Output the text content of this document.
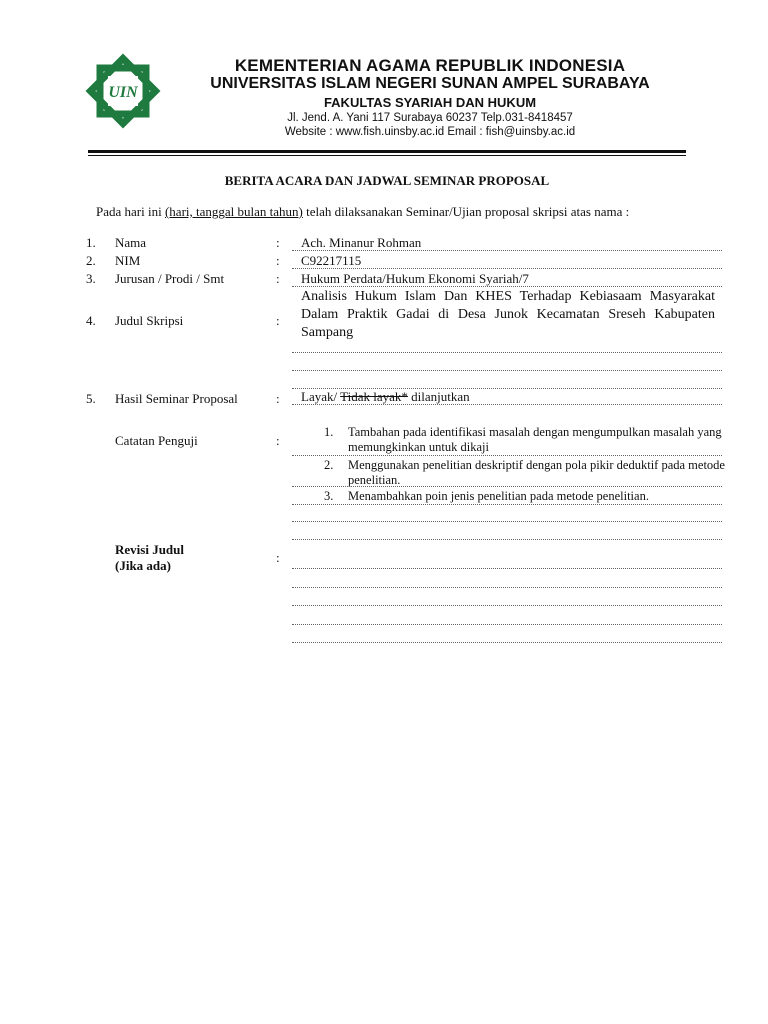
UIN
KEMENTERIAN AGAMA REPUBLIK INDONESIA
UNIVERSITAS ISLAM NEGERI SUNAN AMPEL SURABAYA
FAKULTAS SYARIAH DAN HUKUM
Jl. Jend. A. Yani 117 Surabaya 60237 Telp.031-8418457
Website : www.fish.uinsby.ac.id Email : fish@uinsby.ac.id
BERITA ACARA DAN JADWAL SEMINAR PROPOSAL
Pada hari ini (hari, tanggal bulan tahun) telah dilaksanakan Seminar/Ujian proposal skripsi atas nama :
1. Nama	: Ach. Minanur Rohman
2. NIM	: C92217115
3. Jurusan / Prodi / Smt	: Hukum Perdata/Hukum Ekonomi Syariah/7
4. Judul Skripsi	:
Analisis Hukum Islam Dan KHES Terhadap Kebiasaam Masyarakat Dalam Praktik Gadai di Desa Junok Kecamatan Sreseh Kabupaten Sampang
5. Hasil Seminar Proposal	: Layak/ Tidak layak* dilanjutkan
Catatan Penguji	:
1. Tambahan pada identifikasi masalah dengan mengumpulkan masalah yang memungkinkan untuk dikaji
2. Menggunakan penelitian deskriptif dengan pola pikir deduktif pada metode penelitian.
3. Menambahkan poin jenis penelitian pada metode penelitian.
Revisi Judul
(Jika ada)
:
